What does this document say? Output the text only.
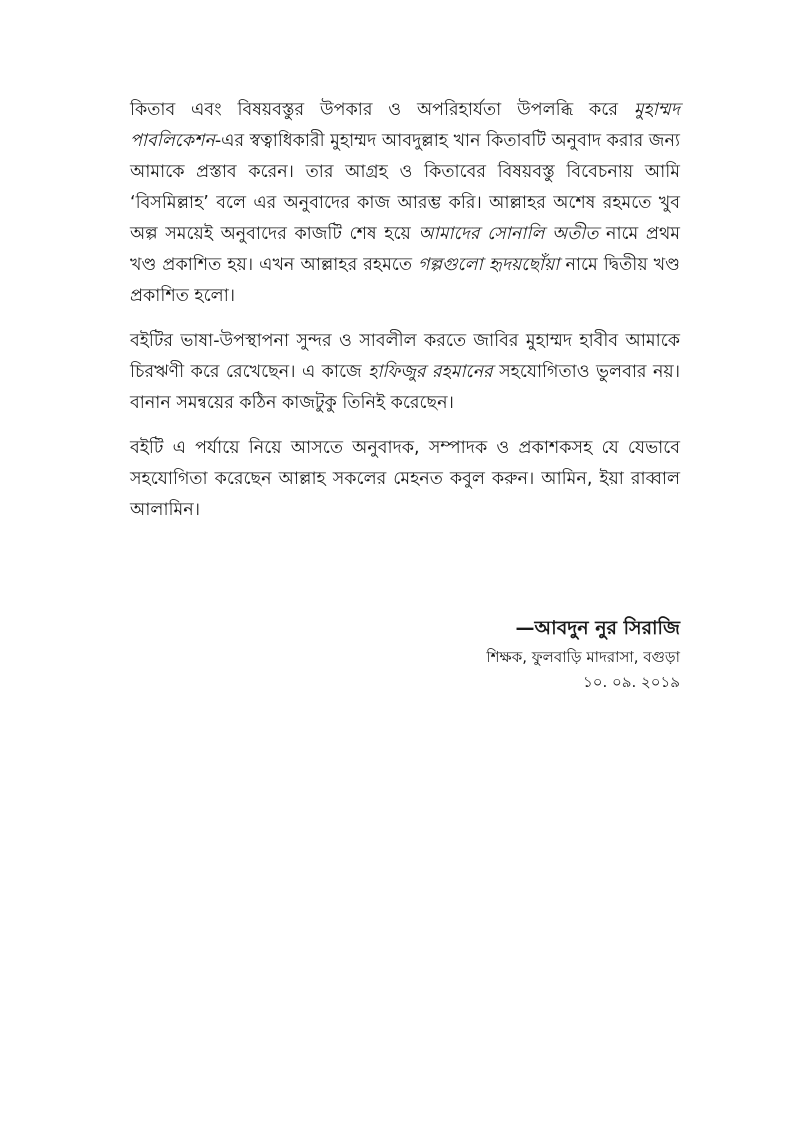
কিতাব এবং বিষয়বস্তুর উপকার ও অপরিহার্যতা উপলব্ধি করে মুহাম্মদ পাবলিকেশন-এর স্বত্বাধিকারী মুহাম্মদ আবদুল্লাহ খান কিতাবটি অনুবাদ করার জন্য আমাকে প্রস্তাব করেন। তার আগ্রহ ও কিতাবের বিষয়বস্তু বিবেচনায় আমি ‘বিসমিল্লাহ’ বলে এর অনুবাদের কাজ আরম্ভ করি। আল্লাহর অশেষ রহমতে খুব অল্প সময়েই অনুবাদের কাজটি শেষ হয়ে আমাদের সোনালি অতীত নামে প্রথম খণ্ড প্রকাশিত হয়। এখন আল্লাহর রহমতে গল্পগুলো হৃদয়ছোঁয়া নামে দ্বিতীয় খণ্ড প্রকাশিত হলো।

বইটির ভাষা-উপস্থাপনা সুন্দর ও সাবলীল করতে জাবির মুহাম্মদ হাবীব আমাকে চিরঋণী করে রেখেছেন। এ কাজে হাফিজুর রহমানের সহযোগিতাও ভুলবার নয়। বানান সমন্বয়ের কঠিন কাজটুকু তিনিই করেছেন।

বইটি এ পর্যায়ে নিয়ে আসতে অনুবাদক, সম্পাদক ও প্রকাশকসহ যে যেভাবে সহযোগিতা করেছেন আল্লাহ সকলের মেহনত কবুল করুন। আমিন, ইয়া রাব্বাল আলামিন।

—আবদুন নুর সিরাজি
শিক্ষক, ফুলবাড়ি মাদরাসা, বগুড়া
১০. ০৯. ২০১৯
